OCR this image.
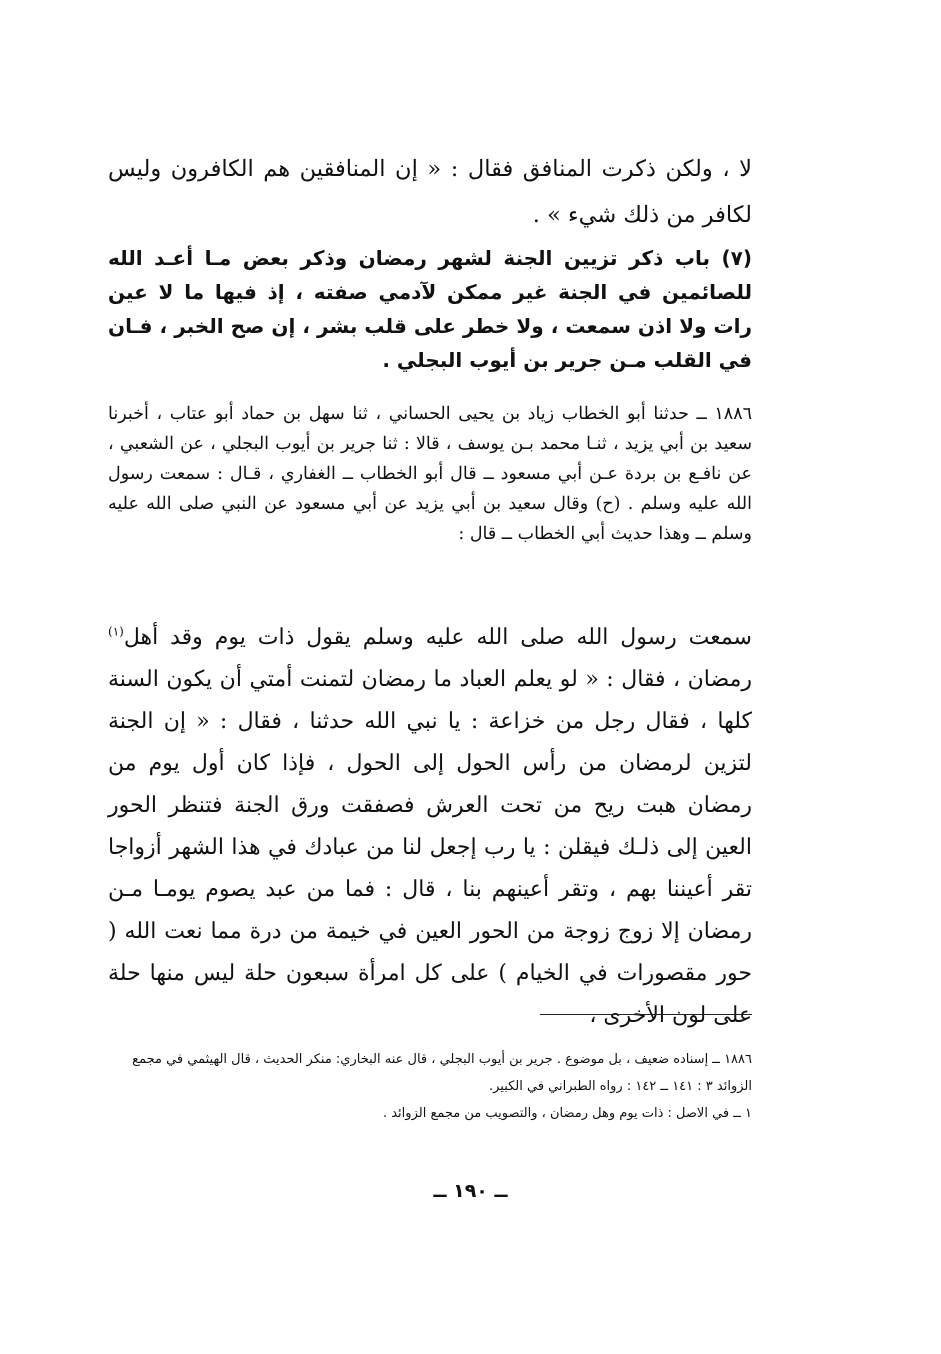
لا ، ولكن ذكرت المنافق فقال : « إن المنافقين هم الكافرون وليس لكافر من ذلك شيء » .

(٧) باب ذكر تزيين الجنة لشهر رمضان وذكر بعض مـا أعـد الله للصائمين في الجنة غير ممكن لآدمي صفته ، إذ فيها ما لا عين رات ولا اذن سمعت ، ولا خطر على قلب بشر ، إن صح الخبر ، فـان في القلب مـن جرير بن أيوب البجلي .

١٨٨٦ ــ حدثنا أبو الخطاب زياد بن يحيى الحساني ، ثنا سهل بن حماد أبو عتاب ، أخبرنا سعيد بن أبي يزيد ، ثنـا محمد بـن يوسف ، قالا : ثنا جرير بن أيوب البجلي ، عن الشعبي ، عن نافـع بن بردة عـن أبي مسعود ــ قال أبو الخطاب ــ الغفاري ، قـال : سمعت رسول الله عليه وسلم . (ح) وقال سعيد بن أبي يزيد عن أبي مسعود عن النبي صلى الله عليه وسلم ــ وهذا حديث أبي الخطاب ــ قال :

سمعت رسول الله صلى الله عليه وسلم يقول ذات يوم وقد أهل$^{(١)}$ رمضان ، فقال : « لو يعلم العباد ما رمضان لتمنت أمتي أن يكون السنة كلها ، فقال رجل من خزاعة : يا نبي الله حدثنا ، فقال : « إن الجنة لتزين لرمضان من رأس الحول إلى الحول ، فإذا كان أول يوم من رمضان هبت ريح من تحت العرش فصفقت ورق الجنة فتنظر الحور العين إلى ذلـك فيقلن : يا رب إجعل لنا من عبادك في هذا الشهر أزواجا تقر أعيننا بهم ، وتقر أعينهم بنا ، قال : فما من عبد يصوم يومـا مـن رمضان إلا زوج زوجة من الحور العين في خيمة من درة مما نعت الله ( حور مقصورات في الخيام ) على كل امرأة سبعون حلة ليس منها حلة على لون الأخرى ،

١٨٨٦ ــ إسناده ضعيف ، بل موضوع . جرير بن أيوب البجلي ، قال عنه البخاري: منكر الحديث ، قال الهيثمي في مجمع الزوائد ٣ : ١٤١ ــ ١٤٢ : رواه الطبراني في الكبير.

١ ــ في الاصل : ذات يوم وهل رمضان ، والتصويب من مجمع الزوائد .

ــ ١٩٠ ــ
